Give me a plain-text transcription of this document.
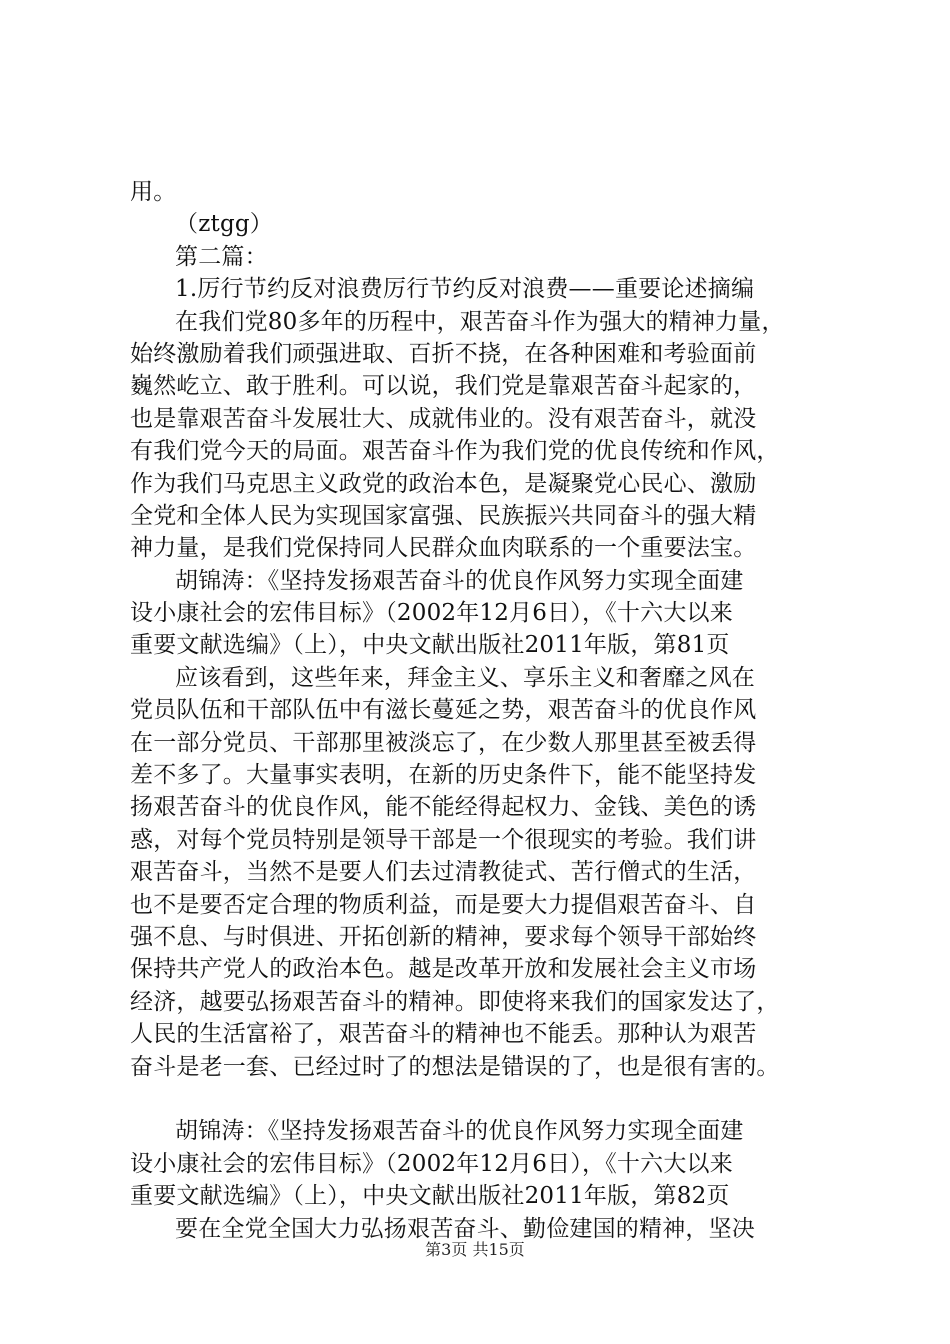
用。
（ztgg）
第二篇：
1.厉行节约反对浪费厉行节约反对浪费——重要论述摘编
在我们党80多年的历程中，艰苦奋斗作为强大的精神力量，
始终激励着我们顽强进取、百折不挠，在各种困难和考验面前
巍然屹立、敢于胜利。可以说，我们党是靠艰苦奋斗起家的，
也是靠艰苦奋斗发展壮大、成就伟业的。没有艰苦奋斗，就没
有我们党今天的局面。艰苦奋斗作为我们党的优良传统和作风，
作为我们马克思主义政党的政治本色，是凝聚党心民心、激励
全党和全体人民为实现国家富强、民族振兴共同奋斗的强大精
神力量，是我们党保持同人民群众血肉联系的一个重要法宝。
胡锦涛：《坚持发扬艰苦奋斗的优良作风努力实现全面建
设小康社会的宏伟目标》（2002年12月6日），《十六大以来
重要文献选编》（上），中央文献出版社2011年版，第81页
应该看到，这些年来，拜金主义、享乐主义和奢靡之风在
党员队伍和干部队伍中有滋长蔓延之势，艰苦奋斗的优良作风
在一部分党员、干部那里被淡忘了，在少数人那里甚至被丢得
差不多了。大量事实表明，在新的历史条件下，能不能坚持发
扬艰苦奋斗的优良作风，能不能经得起权力、金钱、美色的诱
惑，对每个党员特别是领导干部是一个很现实的考验。我们讲
艰苦奋斗，当然不是要人们去过清教徒式、苦行僧式的生活，
也不是要否定合理的物质利益，而是要大力提倡艰苦奋斗、自
强不息、与时俱进、开拓创新的精神，要求每个领导干部始终
保持共产党人的政治本色。越是改革开放和发展社会主义市场
经济，越要弘扬艰苦奋斗的精神。即使将来我们的国家发达了，
人民的生活富裕了，艰苦奋斗的精神也不能丢。那种认为艰苦
奋斗是老一套、已经过时了的想法是错误的了，也是很有害的。
胡锦涛：《坚持发扬艰苦奋斗的优良作风努力实现全面建
设小康社会的宏伟目标》（2002年12月6日），《十六大以来
重要文献选编》（上），中央文献出版社2011年版，第82页
要在全党全国大力弘扬艰苦奋斗、勤俭建国的精神，坚决
第3页 共15页
